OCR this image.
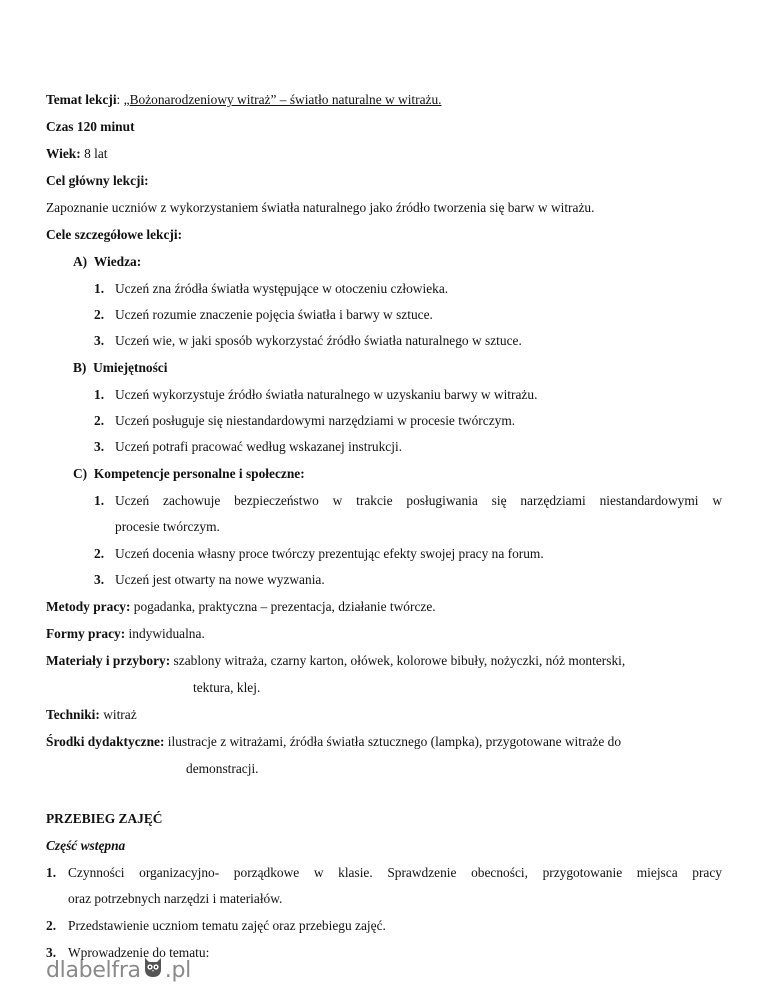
Temat lekcji: „Bożonarodzeniowy witraż” – światło naturalne w witrażu.
Czas 120 minut
Wiek: 8 lat
Cel główny lekcji:
Zapoznanie uczniów z wykorzystaniem światła naturalnego jako źródło tworzenia się barw w witrażu.
Cele szczegółowe lekcji:
A) Wiedza:
1. Uczeń zna źródła światła występujące w otoczeniu człowieka.
2. Uczeń rozumie znaczenie pojęcia światła i barwy w sztuce.
3. Uczeń wie, w jaki sposób wykorzystać źródło światła naturalnego w sztuce.
B) Umiejętności
1. Uczeń wykorzystuje źródło światła naturalnego w uzyskaniu barwy w witrażu.
2. Uczeń posługuje się niestandardowymi narzędziami w procesie twórczym.
3. Uczeń potrafi pracować według wskazanej instrukcji.
C) Kompetencje personalne i społeczne:
1. Uczeń zachowuje bezpieczeństwo w trakcie posługiwania się narzędziami niestandardowymi w
procesie twórczym.
2. Uczeń docenia własny proce twórczy prezentując efekty swojej pracy na forum.
3. Uczeń jest otwarty na nowe wyzwania.
Metody pracy: pogadanka, praktyczna – prezentacja, działanie twórcze.
Formy pracy: indywidualna.
Materiały i przybory: szablony witraża, czarny karton, ołówek, kolorowe bibuły, nożyczki, nóż monterski,
tektura, klej.
Techniki: witraż
Środki dydaktyczne: ilustracje z witrażami, źródła światła sztucznego (lampka), przygotowane witraże do
demonstracji.
PRZEBIEG ZAJĘĆ
Część wstępna
1. Czynności organizacyjno- porządkowe w klasie. Sprawdzenie obecności, przygotowanie miejsca pracy
oraz potrzebnych narzędzi i materiałów.
2. Przedstawienie uczniom tematu zajęć oraz przebiegu zajęć.
3. Wprowadzenie do tematu:
dlabelfra .pl
